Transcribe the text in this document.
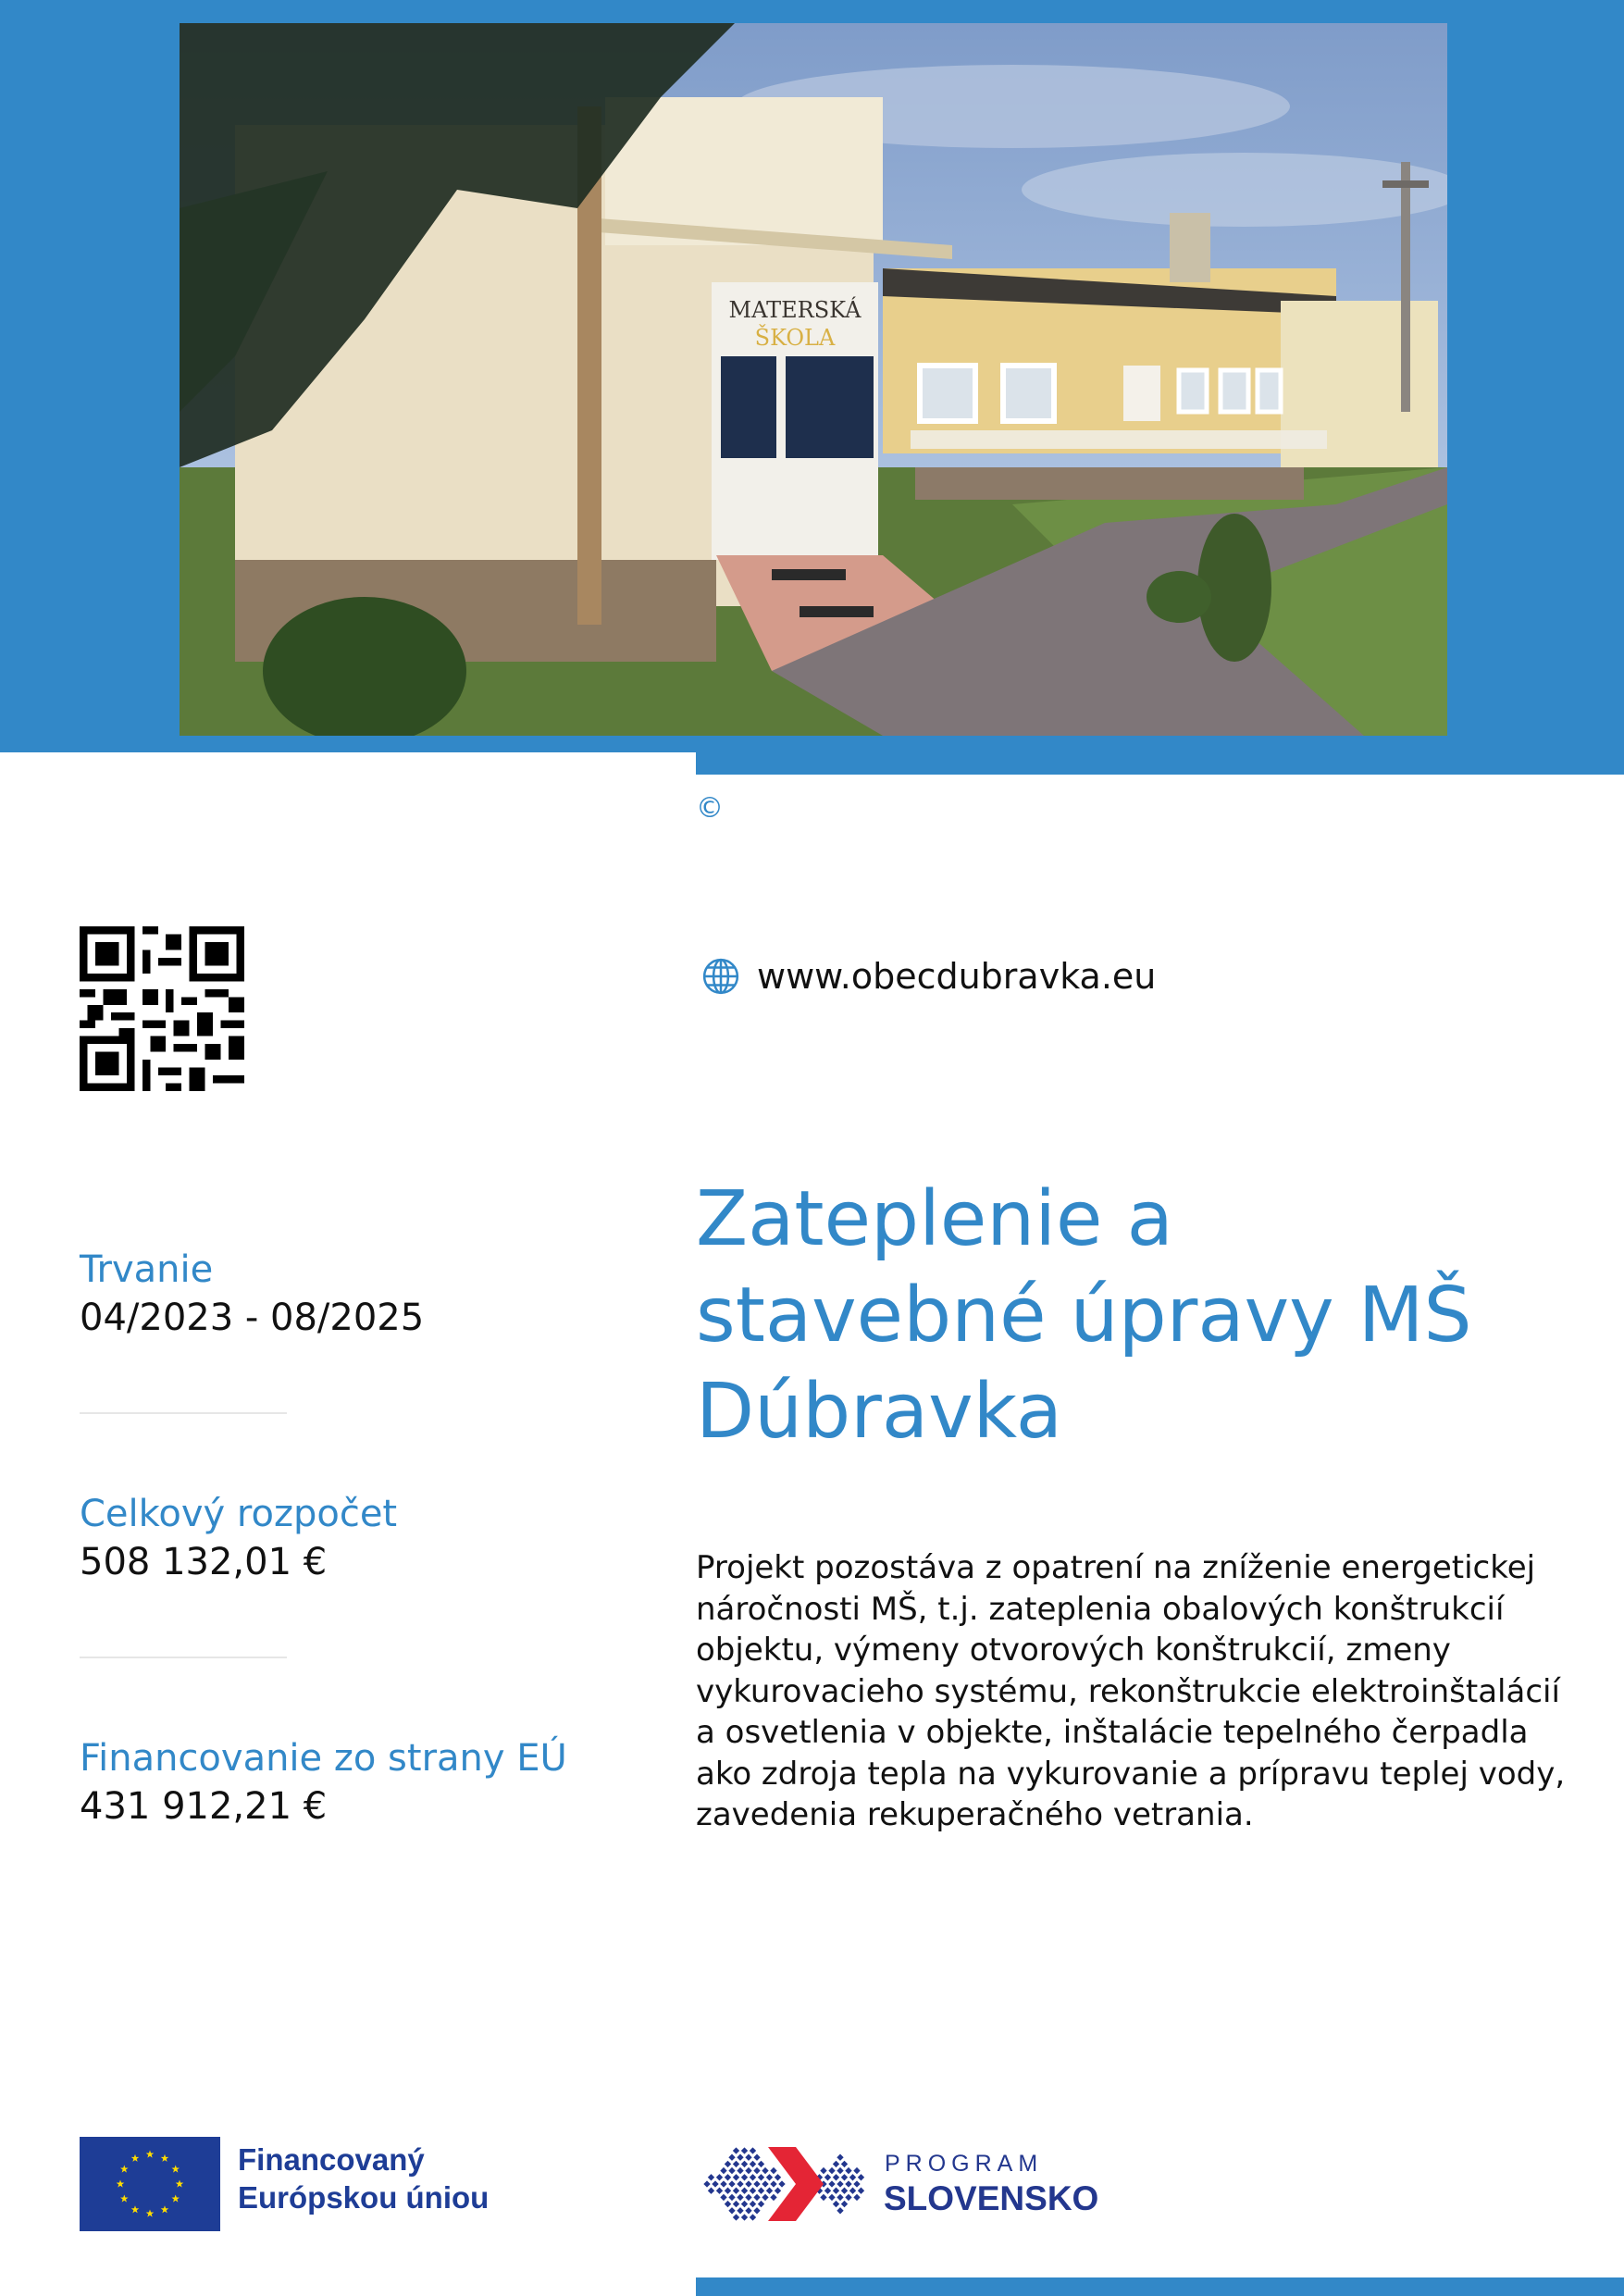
MATERSKÁ
ŠKOLA
©
www.obecdubravka.eu
Zateplenie a stavebné úpravy MŠ Dúbravka
Projekt pozostáva z opatrení na zníženie energetickej náročnosti MŠ, t.j. zateplenia obalových konštrukcií objektu, výmeny otvorových konštrukcií, zmeny vykurovacieho systému, rekonštrukcie elektroinštalácií a osvetlenia v objekte, inštalácie tepelného čerpadla ako zdroja tepla na vykurovanie a prípravu teplej vody, zavedenia rekuperačného vetrania.
Trvanie
04/2023 - 08/2025
Celkový rozpočet
508 132,01 €
Financovanie zo strany EÚ
431 912,21 €
Financovaný
Európskou úniou
PROGRAM
SLOVENSKO
